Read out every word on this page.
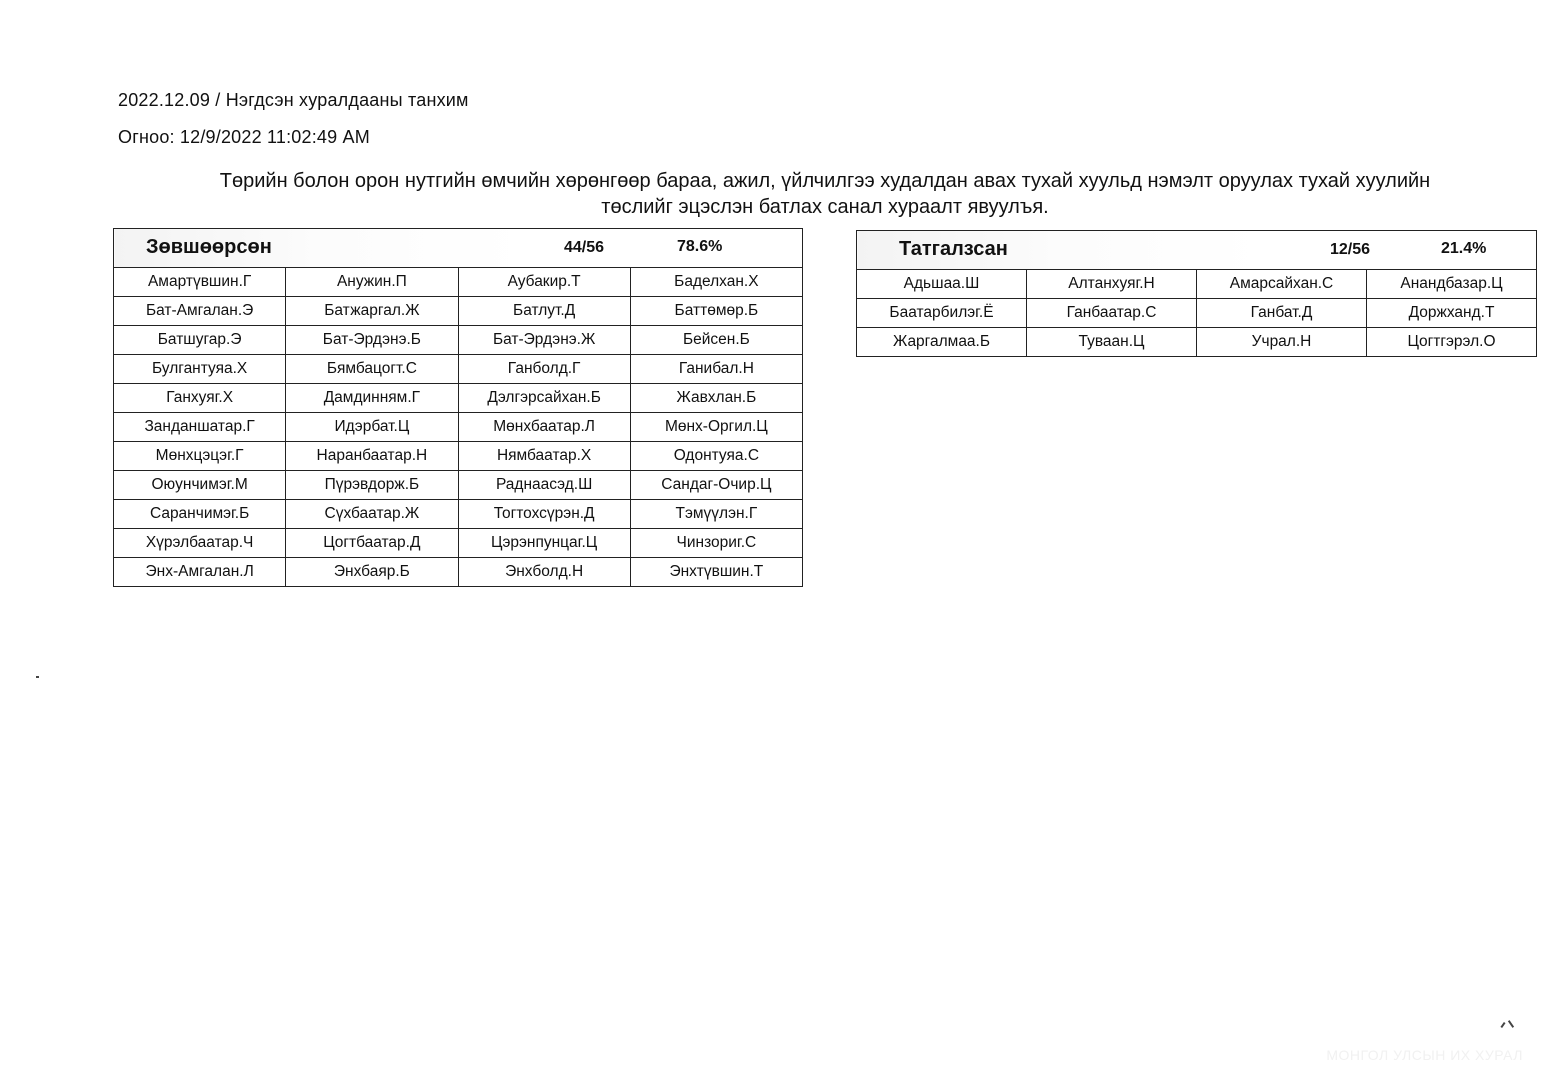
2022.12.09 / Нэгдсэн хуралдааны танхим
Огноо: 12/9/2022 11:02:49 AM
Төрийн болон орон нутгийн өмчийн хөрөнгөөр бараа, ажил, үйлчилгээ худалдан авах тухай хуульд нэмэлт оруулах тухай хуулийн
төслийг эцэслэн батлах санал хураалт явуулъя.
Зөвшөөрсөн 44/56 78.6%			

Амартүвшин.Г	Анужин.П	Аубакир.Т	Баделхан.Х
Бат-Амгалан.Э	Батжаргал.Ж	Батлут.Д	Баттөмөр.Б
Батшугар.Э	Бат-Эрдэнэ.Б	Бат-Эрдэнэ.Ж	Бейсен.Б
Булгантуяа.Х	Бямбацогт.С	Ганболд.Г	Ганибал.Н
Ганхуяг.Х	Дамдинням.Г	Дэлгэрсайхан.Б	Жавхлан.Б
Занданшатар.Г	Идэрбат.Ц	Мөнхбаатар.Л	Мөнх-Оргил.Ц
Мөнхцэцэг.Г	Наранбаатар.Н	Нямбаатар.Х	Одонтуяа.С
Оюунчимэг.М	Пүрэвдорж.Б	Раднаасэд.Ш	Сандаг-Очир.Ц
Саранчимэг.Б	Сүхбаатар.Ж	Тогтохсүрэн.Д	Тэмүүлэн.Г
Хүрэлбаатар.Ч	Цогтбаатар.Д	Цэрэнпунцаг.Ц	Чинзориг.С
Энх-Амгалан.Л	Энхбаяр.Б	Энхболд.Н	Энхтүвшин.Т
Татгалзсан 12/56 21.4%			

Адьшаа.Ш	Алтанхуяг.Н	Амарсайхан.С	Анандбазар.Ц
Баатарбилэг.Ё	Ганбаатар.С	Ганбат.Д	Доржханд.Т
Жаргалмаа.Б	Туваан.Ц	Учрал.Н	Цогтгэрэл.О
МОНГОЛ УЛСЫН ИХ ХУРАЛ
